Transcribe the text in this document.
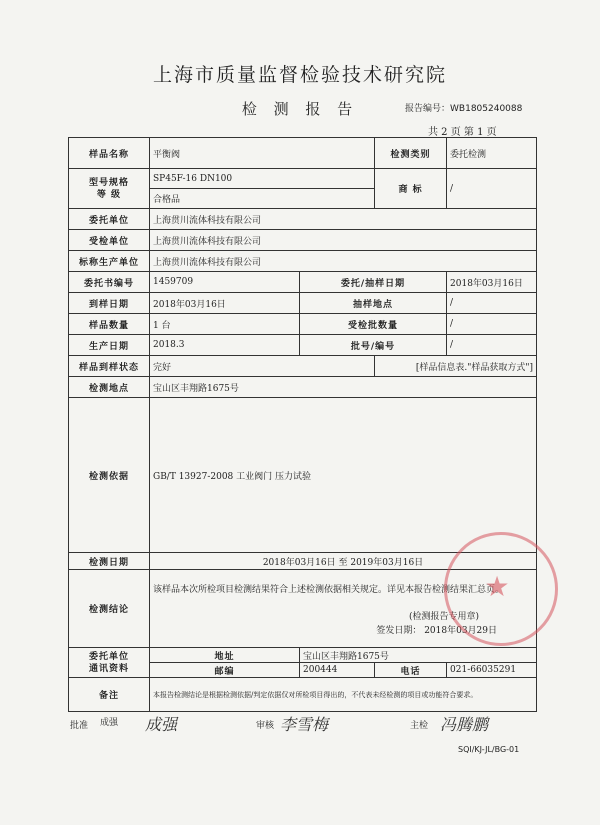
上海市质量监督检验技术研究院
检 测 报 告	报告编号：WB1805240088
共 2 页 第 1 页
样品名称	平衡阀		检测类别	委托检测

型号规格
等 级	SP45F-16 DN100		商 标	/
	合格品			
委托单位	上海贯川流体科技有限公司			
受检单位	上海贯川流体科技有限公司			
标称生产单位	上海贯川流体科技有限公司			
委托书编号	1459709	委托/抽样日期		2018年03月16日
到样日期	2018年03月16日	抽样地点		/
样品数量	1 台	受检批数量		/
生产日期	2018.3	批号/编号		/
样品到样状态	完好		[样品信息表."样品获取方式"]	
检测地点	宝山区丰翔路1675号			
检测依据	GB/T 13927-2008 工业阀门 压力试验			
检测日期	2018年03月16日 至 2019年03月16日			
检测结论	该样品本次所检项目检测结果符合上述检测依据相关规定。详见本报告检测结果汇总页。
(检测报告专用章)
签发日期： 2018年03月29日			

委托单位
通讯资料	地址	宝山区丰翔路1675号		
	邮编	200444	电话	021-66035291
备注	本报告检测结论是根据检测依据/判定依据仅对所检项目得出的，不代表未经检测的项目或功能符合要求。			
★
批准 成强 成强	审核 李雪梅	主检 冯腾鹏
SQI/KJ-JL/BG-01
